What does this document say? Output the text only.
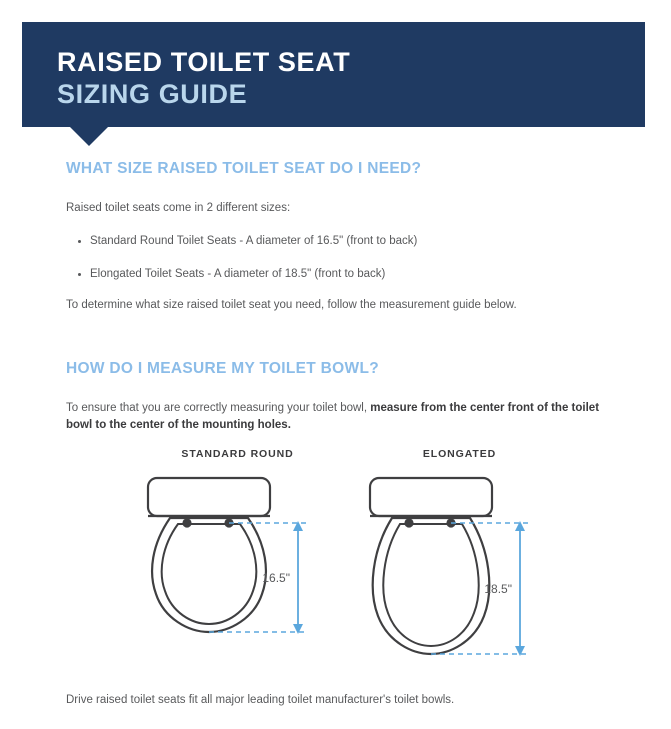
RAISED TOILET SEAT
SIZING GUIDE
WHAT SIZE RAISED TOILET SEAT DO I NEED?

Raised toilet seats come in 2 different sizes:

Standard Round Toilet Seats - A diameter of 16.5" (front to back)
Elongated Toilet Seats - A diameter of 18.5" (front to back)

To determine what size raised toilet seat you need, follow the measurement guide below.

HOW DO I MEASURE MY TOILET BOWL?

To ensure that you are correctly measuring your toilet bowl, measure from the center front of the toilet bowl to the center of the mounting holes.

STANDARD ROUND
16.5"
ELONGATED
18.5"
Drive raised toilet seats fit all major leading toilet manufacturer's toilet bowls.
